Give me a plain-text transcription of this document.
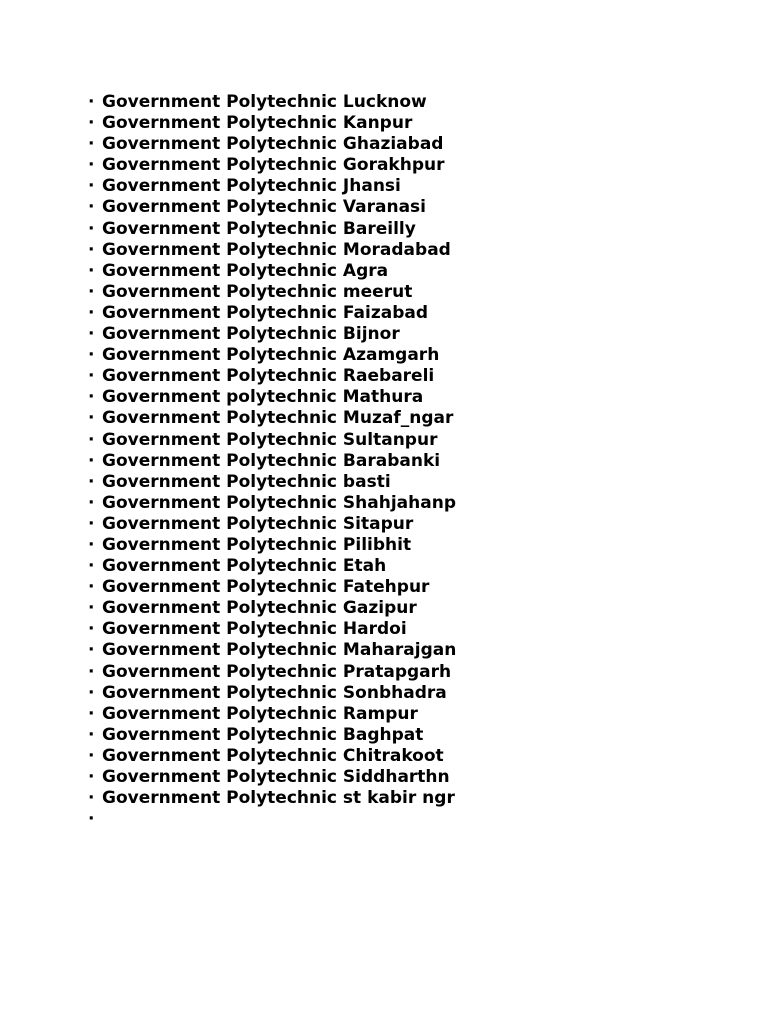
· Government Polytechnic Lucknow
· Government Polytechnic Kanpur
· Government Polytechnic Ghaziabad
· Government Polytechnic Gorakhpur
· Government Polytechnic Jhansi
· Government Polytechnic Varanasi
· Government Polytechnic Bareilly
· Government Polytechnic Moradabad
· Government Polytechnic Agra
· Government Polytechnic meerut
· Government Polytechnic Faizabad
· Government Polytechnic Bijnor
· Government Polytechnic Azamgarh
· Government Polytechnic Raebareli
· Government polytechnic Mathura
· Government Polytechnic Muzaf_ngar
· Government Polytechnic Sultanpur
· Government Polytechnic Barabanki
· Government Polytechnic basti
· Government Polytechnic Shahjahanp
· Government Polytechnic Sitapur
· Government Polytechnic Pilibhit
· Government Polytechnic Etah
· Government Polytechnic Fatehpur
· Government Polytechnic Gazipur
· Government Polytechnic Hardoi
· Government Polytechnic Maharajgan
· Government Polytechnic Pratapgarh
· Government Polytechnic Sonbhadra
· Government Polytechnic Rampur
· Government Polytechnic Baghpat
· Government Polytechnic Chitrakoot
· Government Polytechnic Siddharthn
· Government Polytechnic st kabir ngr
·
